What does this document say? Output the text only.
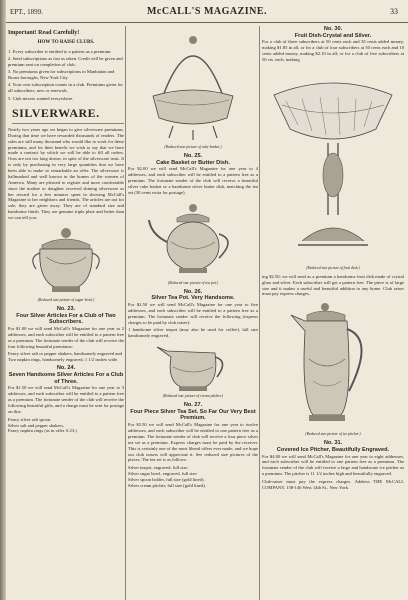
EPT., 1899.	McCALL'S MAGAZINE.	33
Important! Read Carefully!
HOW TO RAISE CLUBS.
1. Every subscriber is entitled to a pattern as a premium.
2. Send subscriptions as fast as taken. Credit will be given and premium sent on completion of club.
3. No premiums given for subscriptions in Manhattan and Bronx boroughs, New York City.
4. Your own subscription counts in a club. Premiums given for all subscribers, new or renewals.
5. Club mixers wanted everywhere.
SILVERWARE.

Nearly two years ago we began to give silverware premiums. During that time we have rewarded thousands of readers. The sales are still many thousand who would like to work for these premiums, and for their benefit we wish to say that we have made a contract by which we will be able to fill all orders. Ours are not too long drawn, in spite of the silverware trust. It is only by purchasing in very large quantities that we have been able to make so remarkable an offer. The silverware is hallmarked and well known in the homes of the women of America. Many are pleased to register and more comfortable since the mother or daughter received shining silverware as her reward for a few minutes spent in showing McCall's Magazine to her neighbors and friends. The articles are not for sale, they are given away. They are of standard size and handsome finish. They are genuine triple plate and better than we can tell you.

(Reduced size picture of sugar bowl.)
No. 23.
Four Silver Articles For a Club of Two Subscribers.

For $1.00 we will send McCall's Magazine for one year to 2 addresses, and each subscriber will be entitled to a pattern free as a premium. The fortunate sender of the club will receive the four following beautiful premiums:

Fancy silver salt or pepper shakers, handsomely engraved and
Two napkin rings, handsomely engraved, 1 1/2 inches wide.
No. 24.
Seven Handsome Silver Articles For a Club of Three.

For $1.50 we will send McCall's Magazine for one year to 3 addresses, and each subscriber will be entitled to a pattern free as a premium. The fortunate sender of the club will receive the following beautiful gifts, and a charge must be sent for postage on this:

Fancy silver salt spoon,
Silver salt and pepper shakers,
Fancy napkin rings (as in offer A 23.)
(Reduced size picture of cake basket.)
No. 25.
Cake Basket or Butter Dish.

For $2.00 we will send McCall's Magazine for one year to 4 addresses, and each subscriber will be entitled to a pattern free as a premium. The fortunate sender of the club will receive a beautiful silver cake basket or a handsome silver butter dish, matching the tea set (30 cents extra for postage).

(Reduced size picture of tea pot.)
No. 26.
Silver Tea Pot. Very Handsome.

For $2.50 we will send McCall's Magazine for one year to five addresses, and each subscriber will be entitled to a pattern free as a premium. The fortunate sender will receive the following (express charges to be paid by club raiser):

1 handsome silver teapot (may also be used for coffee), full size handsomely engraved.

(Reduced size picture of cream pitcher.)
No. 27.
Four Piece Silver Tea Set. So Far Our Very Best Premium.

For $5.50 we will send McCall's Magazine for one year to twelve addresses, and each subscriber will be entitled to one pattern free as a premium. The fortunate sender of club will receive a four piece silver tea set as a premium. Express charges must be paid by the receiver. This is certainly one of the most liberal offers ever made, and we hope our club raisers will appreciate it. See reduced size pictures of the pieces. The tea set is as follows:

Silver teapot, engraved, full size.
Silver sugar bowl, engraved, full size.
Silver spoon holder, full size (gold lined).
Silver cream pitcher, full size (gold lined).
No. 30.
Fruit Dish-Crystal and Silver.

For a club of three subscribers at 50 cents each and 35 cents added money, making $1.85 in all; or for a club of four subscribers at 50 cents each and 10 cents added money, making $2.10 in all; or for a club of five subscribers at 50 cts. each, making

(Reduced size picture of fruit dish.)

ing $2.50; we will send as a premium a handsome fruit dish made of crystal glass and silver. Each subscriber will get a pattern free. The piece is of large size and it makes a useful and beautiful addition to any home. Club raiser must pay express charges.

(Reduced size picture of ice pitcher.)
No. 31.
Covered Ice Pitcher, Beautifully Engraved.

For $4.00 we will send McCall's Magazine for one year to eight addresses, and each subscriber will be entitled to one pattern free as a premium. The fortunate sender of the club will receive a large and handsome ice pitcher as a premium. The pitcher is 11 1/2 inches high and beautifully engraved.

Club-raiser must pay the express charges. Address THE McCALL COMPANY, 138-146 West 14th St., New York.
